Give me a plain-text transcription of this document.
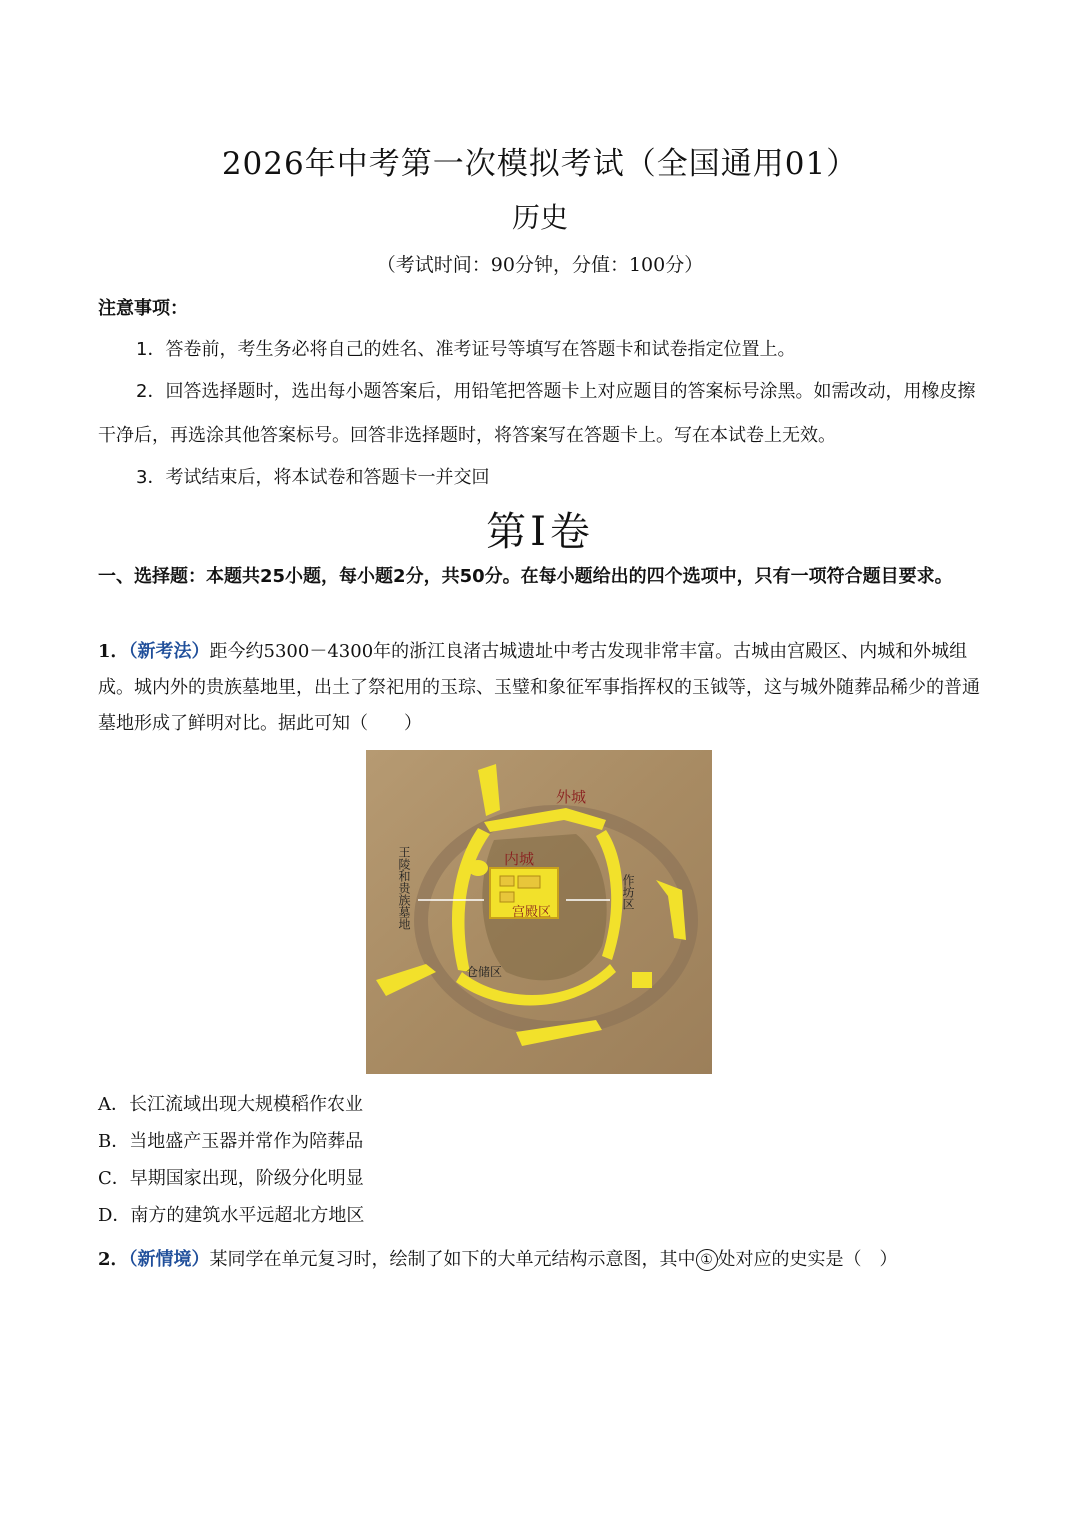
2026年中考第一次模拟考试（全国通用01）
历史
（考试时间：90分钟，分值：100分）
注意事项：
1．答卷前，考生务必将自己的姓名、准考证号等填写在答题卡和试卷指定位置上。
2．回答选择题时，选出每小题答案后，用铅笔把答题卡上对应题目的答案标号涂黑。如需改动，用橡皮擦干净后，再选涂其他答案标号。回答非选择题时，将答案写在答题卡上。写在本试卷上无效。
3．考试结束后，将本试卷和答题卡一并交回
第Ⅰ卷
一、选择题：本题共25小题，每小题2分，共50分。在每小题给出的四个选项中，只有一项符合题目要求。
1．（新考法）距今约5300－4300年的浙江良渚古城遗址中考古发现非常丰富。古城由宫殿区、内城和外城组成。城内外的贵族墓地里，出土了祭祀用的玉琮、玉璧和象征军事指挥权的玉钺等，这与城外随葬品稀少的普通墓地形成了鲜明对比。据此可知（　　）
外城
内城
宫殿区
仓储区
王陵和贵族墓地	作坊区
A．长江流域出现大规模稻作农业
B．当地盛产玉器并常作为陪葬品
C．早期国家出现，阶级分化明显
D．南方的建筑水平远超北方地区
2．（新情境）某同学在单元复习时，绘制了如下的大单元结构示意图，其中 ① 处对应的史实是（　）
